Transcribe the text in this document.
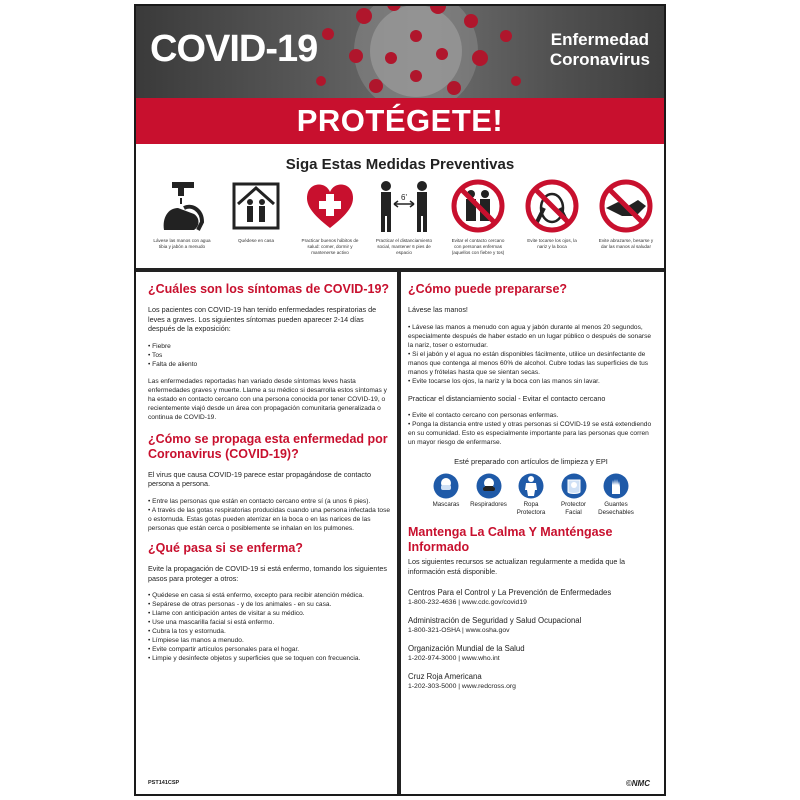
COVID-19	Enfermedad
Coronavirus
PROTÉGETE!
Siga Estas Medidas Preventivas
Lávese las manos con agua tibia y jabón a menudo
Quédese en casa	Practicar buenos hábitos de salud: comer, dormir y mantenerse activo
6'
Practicar el distanciamiento social, mantener 6 pies de espacio
Evitar el contacto cercano con personas enfermas (aquellos con fiebre y tos)
Evite tocarse los ojos, la nariz y la boca
Evite abrazarse, besarse y dar las manos al saludar
¿Cuáles son los síntomas de COVID-19?
Los pacientes con COVID-19 han tenido enfermedades respiratorias de leves a graves. Los siguientes síntomas pueden aparecer 2-14 días después de la exposición:
• Fiebre
• Tos
• Falta de aliento
Las enfermedades reportadas han variado desde síntomas leves hasta enfermedades graves y muerte. Llame a su médico si desarrolla estos síntomas y ha estado en contacto cercano con una persona conocida por tener COVID-19, o recientemente viajó desde un área con propagación comunitaria generalizada o continua de COVID-19.
¿Cómo se propaga esta enfermedad por Coronavirus (COVID-19)?
El virus que causa COVID-19 parece estar propagándose de contacto persona a persona.
• Entre las personas que están en contacto cercano entre sí (a unos 6 pies).
• A través de las gotas respiratorias producidas cuando una persona infectada tose o estornuda. Estas gotas pueden aterrizar en la boca o en las narices de las personas que están cerca o posiblemente se inhalan en los pulmones.
¿Qué pasa si se enferma?
Evite la propagación de COVID-19 si está enfermo, tomando los siguientes pasos para proteger a otros:
• Quédese en casa si está enfermo, excepto para recibir atención médica.
• Sepárese de otras personas - y de los animales - en su casa.
• Llame con anticipación antes de visitar a su médico.
• Use una mascarilla facial si está enfermo.
• Cubra la tos y estornuda.
• Límpiese las manos a menudo.
• Evite compartir artículos personales para el hogar.
• Limpie y desinfecte objetos y superficies que se toquen con frecuencia.
¿Cómo puede prepararse?
Lávese las manos!
• Lávese las manos a menudo con agua y jabón durante al menos 20 segundos, especialmente después de haber estado en un lugar público o después de sonarse la nariz, toser o estornudar.
• Si el jabón y el agua no están disponibles fácilmente, utilice un desinfectante de manos que contenga al menos 60% de alcohol. Cubre todas las superficies de tus manos y frótelas hasta que se sientan secas.
• Evite tocarse los ojos, la nariz y la boca con las manos sin lavar.
Practicar el distanciamiento social - Evitar el contacto cercano
• Evite el contacto cercano con personas enfermas.
• Ponga la distancia entre usted y otras personas si COVID-19 se está extendiendo en su comunidad. Esto es especialmente importante para las personas que corren un mayor riesgo de enfermarse.
Esté preparado con artículos de limpieza y EPI
Mascaras Respiradores	Ropa Protectora
Protector Facial
Guantes Desechables
Mantenga La Calma Y Manténgase Informado
Los siguientes recursos se actualizan regularmente a medida que la información está disponible.
Centros Para el Control y La Prevención de Enfermedades
1-800-232-4636 | www.cdc.gov/covid19
Administración de Seguridad y Salud Ocupacional
1-800-321-OSHA | www.osha.gov
Organización Mundial de la Salud
1-202-974-3000 | www.who.int
Cruz Roja Americana
1-202-303-5000 | www.redcross.org
PST141CSP	©NMC
